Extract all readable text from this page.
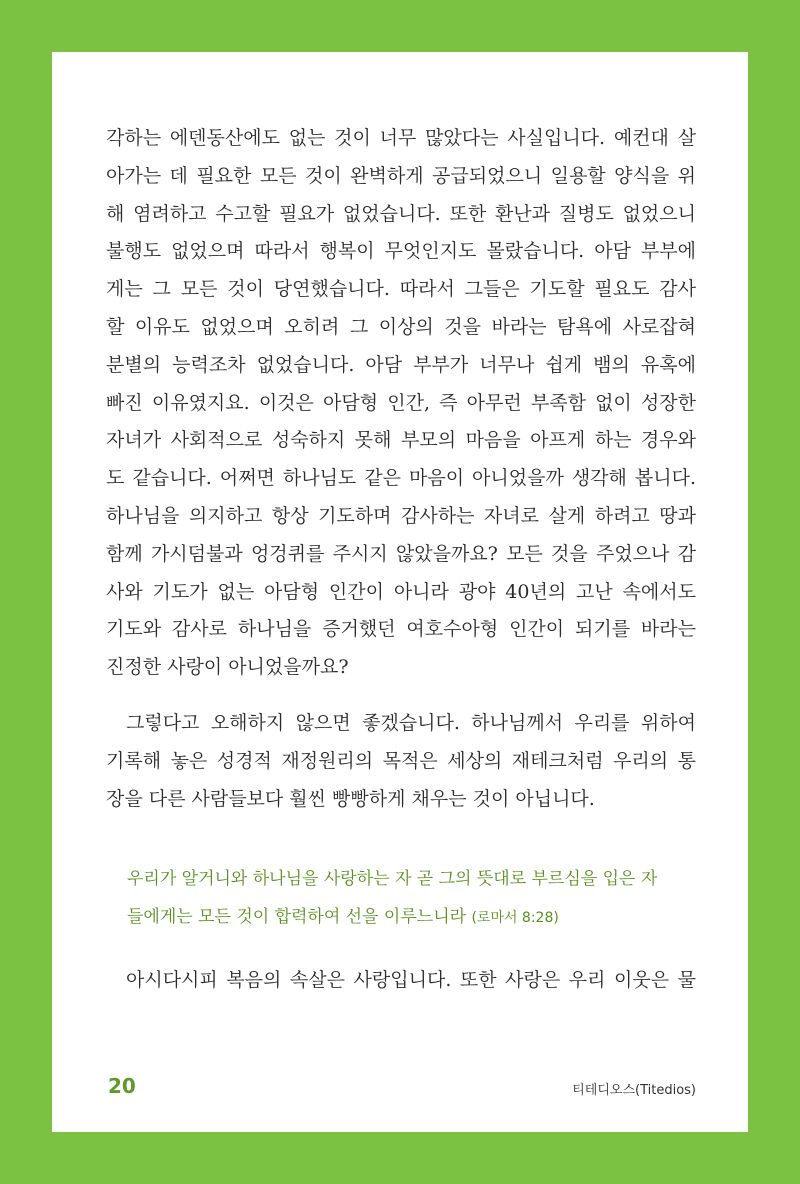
각하는 에덴동산에도 없는 것이 너무 많았다는 사실입니다. 예컨대 살
아가는 데 필요한 모든 것이 완벽하게 공급되었으니 일용할 양식을 위
해 염려하고 수고할 필요가 없었습니다. 또한 환난과 질병도 없었으니
불행도 없었으며 따라서 행복이 무엇인지도 몰랐습니다. 아담 부부에
게는 그 모든 것이 당연했습니다. 따라서 그들은 기도할 필요도 감사
할 이유도 없었으며 오히려 그 이상의 것을 바라는 탐욕에 사로잡혀
분별의 능력조차 없었습니다. 아담 부부가 너무나 쉽게 뱀의 유혹에
빠진 이유였지요. 이것은 아담형 인간, 즉 아무런 부족함 없이 성장한
자녀가 사회적으로 성숙하지 못해 부모의 마음을 아프게 하는 경우와
도 같습니다. 어쩌면 하나님도 같은 마음이 아니었을까 생각해 봅니다.
하나님을 의지하고 항상 기도하며 감사하는 자녀로 살게 하려고 땅과
함께 가시덤불과 엉겅퀴를 주시지 않았을까요? 모든 것을 주었으나 감
사와 기도가 없는 아담형 인간이 아니라 광야 40년의 고난 속에서도
기도와 감사로 하나님을 증거했던 여호수아형 인간이 되기를 바라는
진정한 사랑이 아니었을까요?
그렇다고 오해하지 않으면 좋겠습니다. 하나님께서 우리를 위하여
기록해 놓은 성경적 재정원리의 목적은 세상의 재테크처럼 우리의 통
장을 다른 사람들보다 훨씬 빵빵하게 채우는 것이 아닙니다.
우리가 알거니와 하나님을 사랑하는 자 곧 그의 뜻대로 부르심을 입은 자
들에게는 모든 것이 합력하여 선을 이루느니라 (로마서 8:28)
아시다시피 복음의 속살은 사랑입니다. 또한 사랑은 우리 이웃은 물
20	티테디오스(Titedios)
